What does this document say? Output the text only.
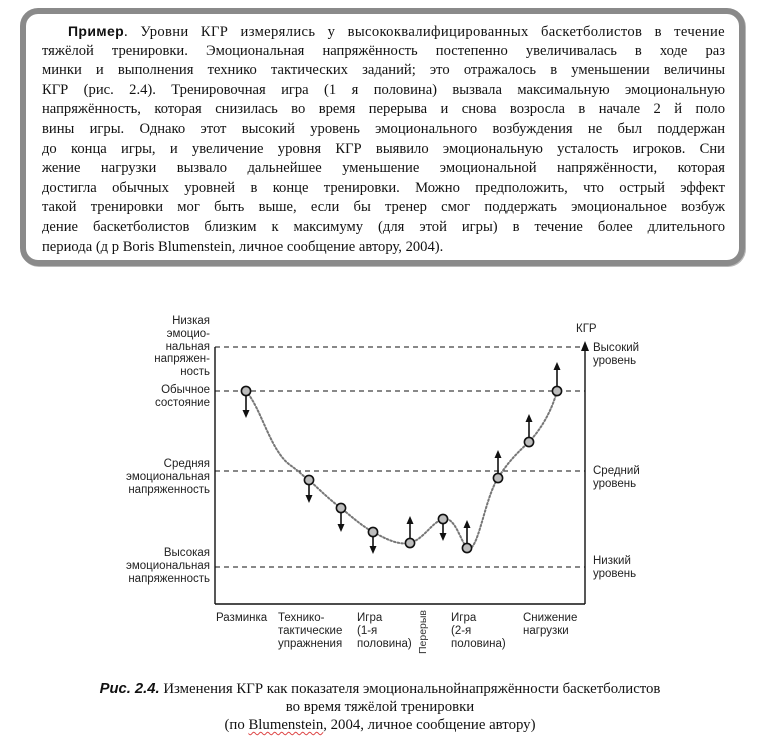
Пример. Уровни КГР измерялись у высококвалифицированных баскетболистов в течение
тяжёлой тренировки. Эмоциональная напряжённость постепенно увеличивалась в ходе раз
минки и выполнения технико тактических заданий; это отражалось в уменьшении величины
КГР (рис. 2.4). Тренировочная игра (1 я половина) вызвала максимальную эмоциональную
напряжённость, которая снизилась во время перерыва и снова возросла в начале 2 й поло
вины игры. Однако этот высокий уровень эмоционального возбуждения не был поддержан
до конца игры, и увеличение уровня КГР выявило эмоциональную усталость игроков. Сни
жение нагрузки вызвало дальнейшее уменьшение эмоциональной напряжённости, которая
достигла обычных уровней в конце тренировки. Можно предположить, что острый эффект
такой тренировки мог быть выше, если бы тренер смог поддержать эмоциональное возбуж
дение баскетболистов близким к максимуму (для этой игры) в течение более длительного
периода (д р Boris Blumenstein, личное сообщение автору, 2004).
Низкая
эмоцио-
нальная
напряжен-
ность
Обычное
состояние
Средняя
эмоциональная
напряженность
Высокая
эмоциональная
напряженность
КГР
Высокий
уровень
Средний
уровень
Низкий
уровень
Разминка Технико-
тактические
упражнения
Игра
(1-я
половина) Перерыв Игра
(2-я
половина)
Снижение
нагрузки
Рис. 2.4. Изменения КГР как показателя эмоциональнойнапряжённости баскетболистов
во время тяжёлой тренировки
(по Blumenstein, 2004, личное сообщение автору)
